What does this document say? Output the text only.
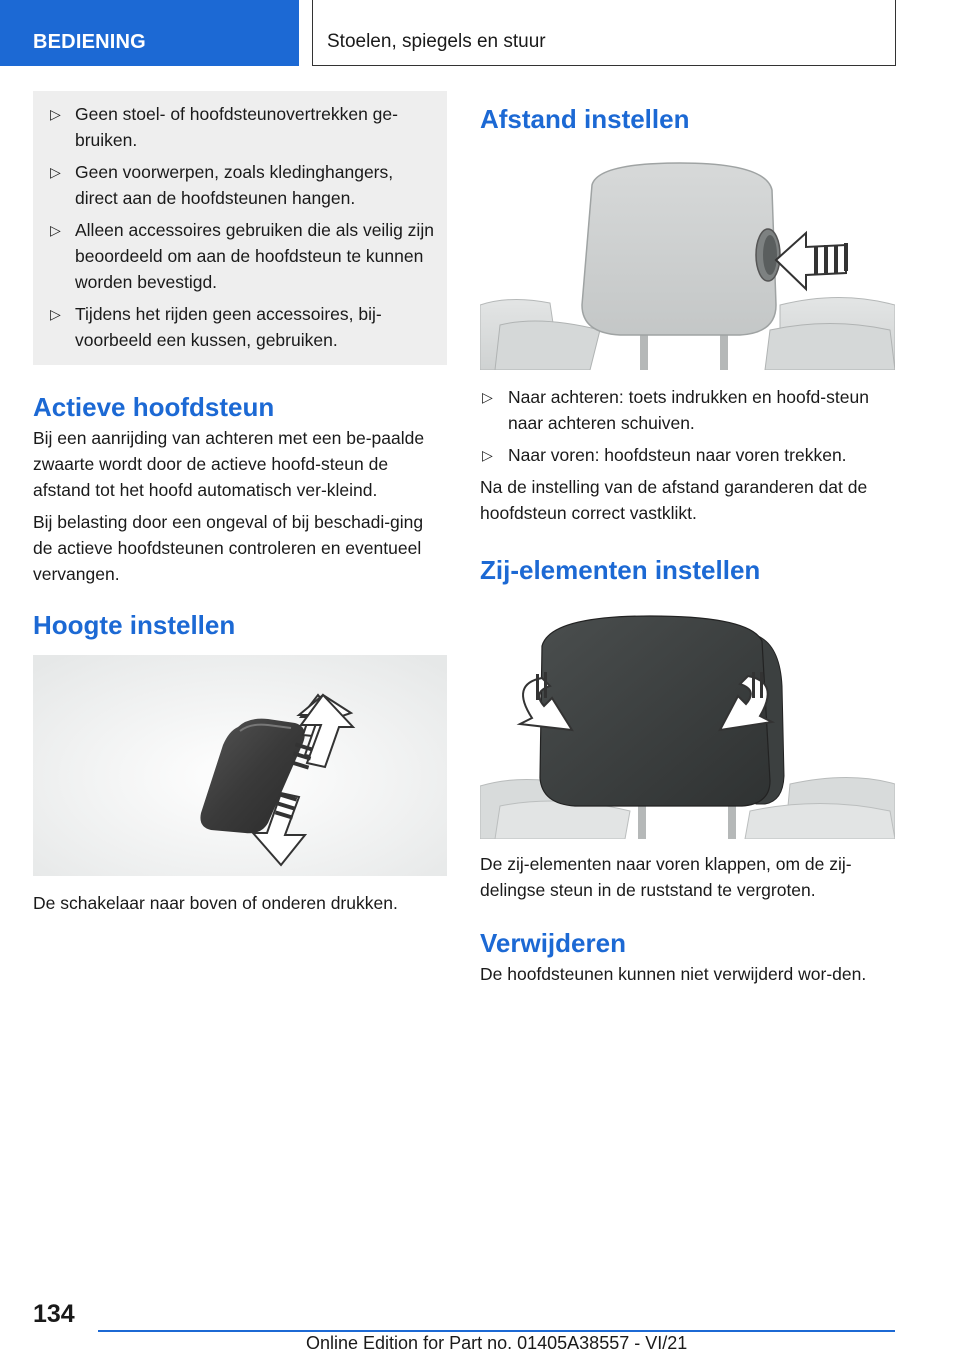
BEDIENING	Stoelen, spiegels en stuur
▷ Geen stoel- of hoofdsteunovertrekken ge-bruiken.
▷ Geen voorwerpen, zoals kledinghangers, direct aan de hoofdsteunen hangen.
▷ Alleen accessoires gebruiken die als veilig zijn beoordeeld om aan de hoofdsteun te kunnen worden bevestigd.
▷ Tijdens het rijden geen accessoires, bij-voorbeeld een kussen, gebruiken.
Actieve hoofdsteun

Bij een aanrijding van achteren met een be-paalde zwaarte wordt door de actieve hoofd-steun de afstand tot het hoofd automatisch ver-kleind.

Bij belasting door een ongeval of bij beschadi-ging de actieve hoofdsteunen controleren en eventueel vervangen.

Hoogte instellen

De schakelaar naar boven of onderen drukken.

Afstand instellen
▷ Naar achteren: toets indrukken en hoofd-steun naar achteren schuiven.
▷ Naar voren: hoofdsteun naar voren trekken.

Na de instelling van de afstand garanderen dat de hoofdsteun correct vastklikt.

Zij-elementen instellen

De zij-elementen naar voren klappen, om de zij-delingse steun in de ruststand te vergroten.

Verwijderen

De hoofdsteunen kunnen niet verwijderd wor-den.

134
Online Edition for Part no. 01405A38557 - VI/21
